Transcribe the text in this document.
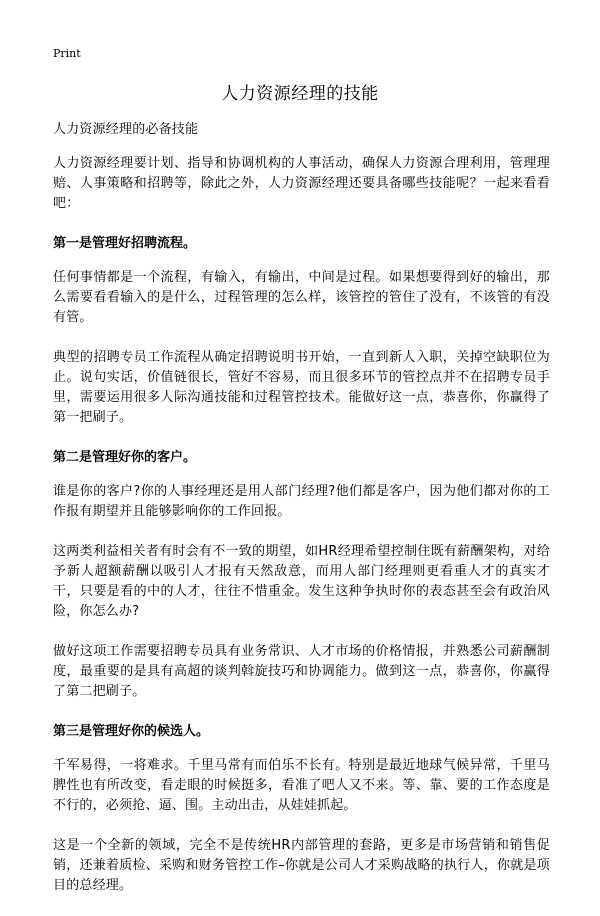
Print
人力资源经理的技能

人力资源经理的必备技能

人力资源经理要计划、指导和协调机构的人事活动，确保人力资源合理利用，管理理赔、人事策略和招聘等，除此之外，人力资源经理还要具备哪些技能呢？一起来看看吧：

第一是管理好招聘流程。

任何事情都是一个流程，有输入，有输出，中间是过程。如果想要得到好的输出，那么需要看看输入的是什么，过程管理的怎么样，该管控的管住了没有，不该管的有没有管。

典型的招聘专员工作流程从确定招聘说明书开始，一直到新人入职，关掉空缺职位为止。说句实话，价值链很长，管好不容易，而且很多环节的管控点并不在招聘专员手里，需要运用很多人际沟通技能和过程管控技术。能做好这一点，恭喜你，你赢得了第一把刷子。

第二是管理好你的客户。

谁是你的客户?你的人事经理还是用人部门经理?他们都是客户，因为他们都对你的工作报有期望并且能够影响你的工作回报。

这两类利益相关者有时会有不一致的期望，如HR经理希望控制住既有薪酬架构，对给予新人超额薪酬以吸引人才报有天然敌意，而用人部门经理则更看重人才的真实才干，只要是看的中的人才，往往不惜重金。发生这种争执时你的表态甚至会有政治风险，你怎么办?

做好这项工作需要招聘专员具有业务常识、人才市场的价格情报，并熟悉公司薪酬制度，最重要的是具有高超的谈判斡旋技巧和协调能力。做到这一点，恭喜你，你赢得了第二把刷子。

第三是管理好你的候选人。

千军易得，一将难求。千里马常有而伯乐不长有。特别是最近地球气候异常，千里马脾性也有所改变，看走眼的时候挺多，看准了吧人又不来。等、靠、要的工作态度是不行的，必须抢、逼、围。主动出击，从娃娃抓起。

这是一个全新的领域，完全不是传统HR内部管理的套路，更多是市场营销和销售促销，还兼着质检、采购和财务管控工作–你就是公司人才采购战略的执行人，你就是项目的总经理。
